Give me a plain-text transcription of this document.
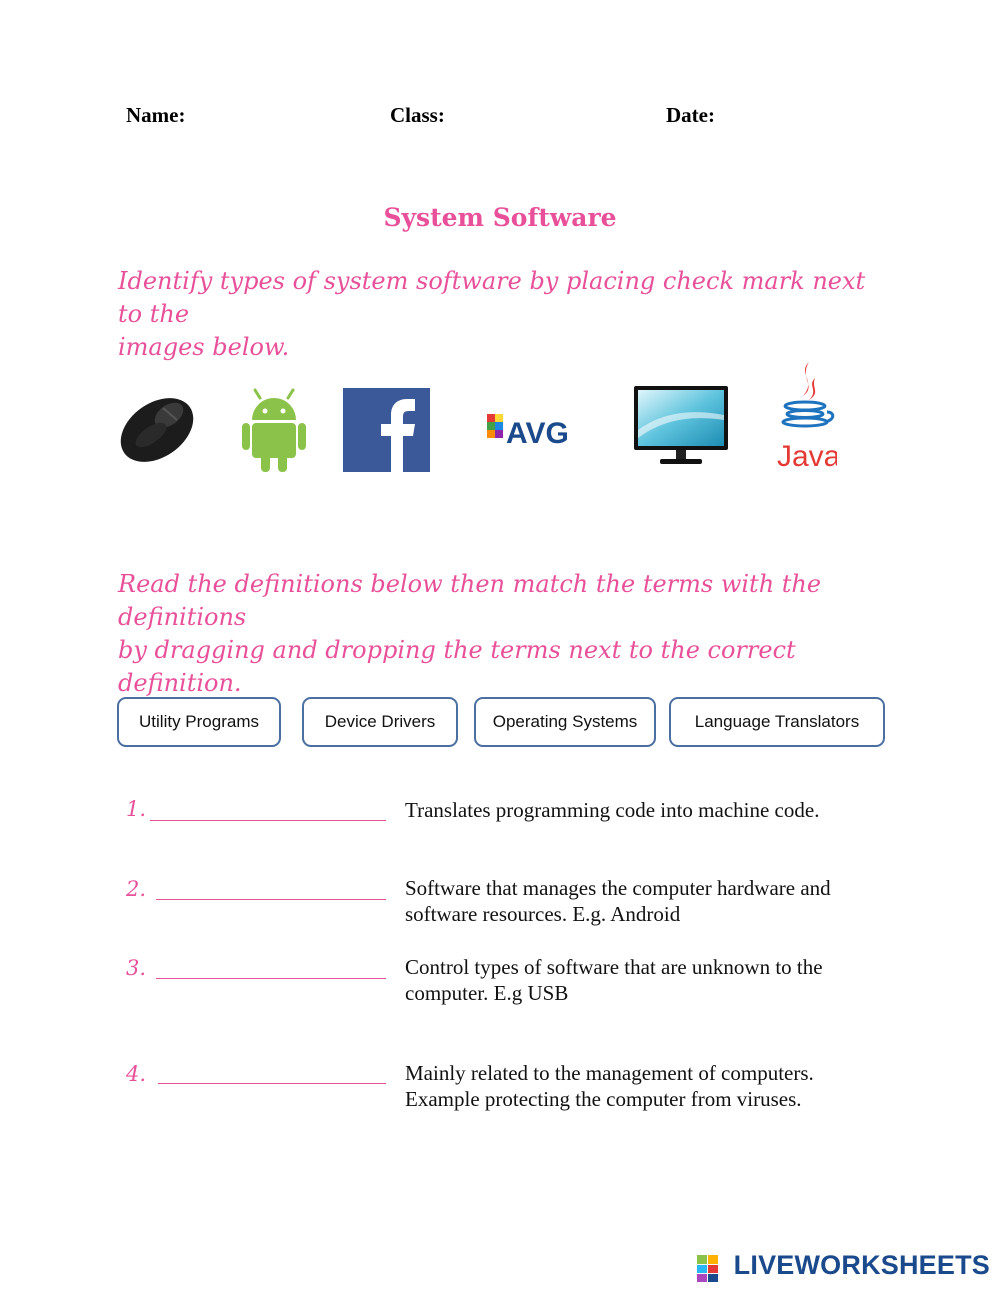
Name:	Class:	Date:
System Software
Identify types of system software by placing check mark next to the
images below.
AVG
Java
Read the definitions below then match the terms with the definitions
by dragging and dropping the terms next to the correct definition.
Utility Programs	Device Drivers	Operating Systems	Language Translators
1.	Translates programming code into machine code.
2.	Software that manages the computer hardware and
software resources. E.g. Android
3.	Control types of software that are unknown to the
computer. E.g USB
4.	Mainly related to the management of computers.
Example protecting the computer from viruses.
LIVEWORKSHEETS
